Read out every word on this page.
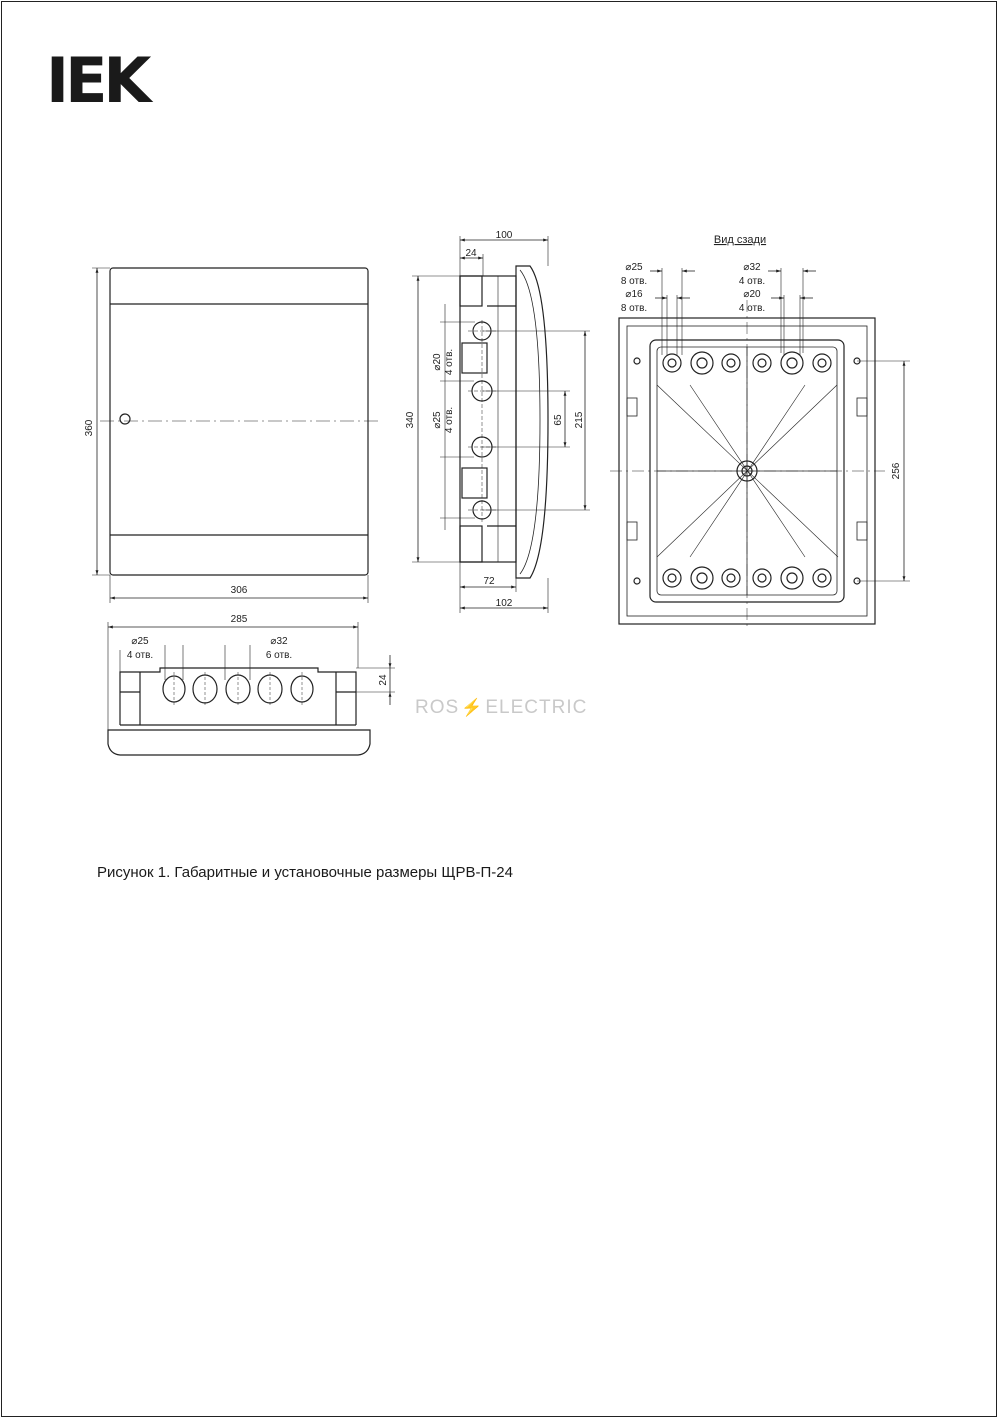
IEK
360
306
100
24
340	215
65
72
102
⌀20 4 отв.
⌀25 4 отв.
285
24
⌀25
4 отв.
⌀32
6 отв.
Вид сзади
⌀25
8 отв.
⌀16
8 отв.
⌀32
4 отв.
⌀20
4 отв.
256
ROS ⚡ ELECTRIC
Рисунок 1. Габаритные и установочные размеры ЩРВ-П-24
